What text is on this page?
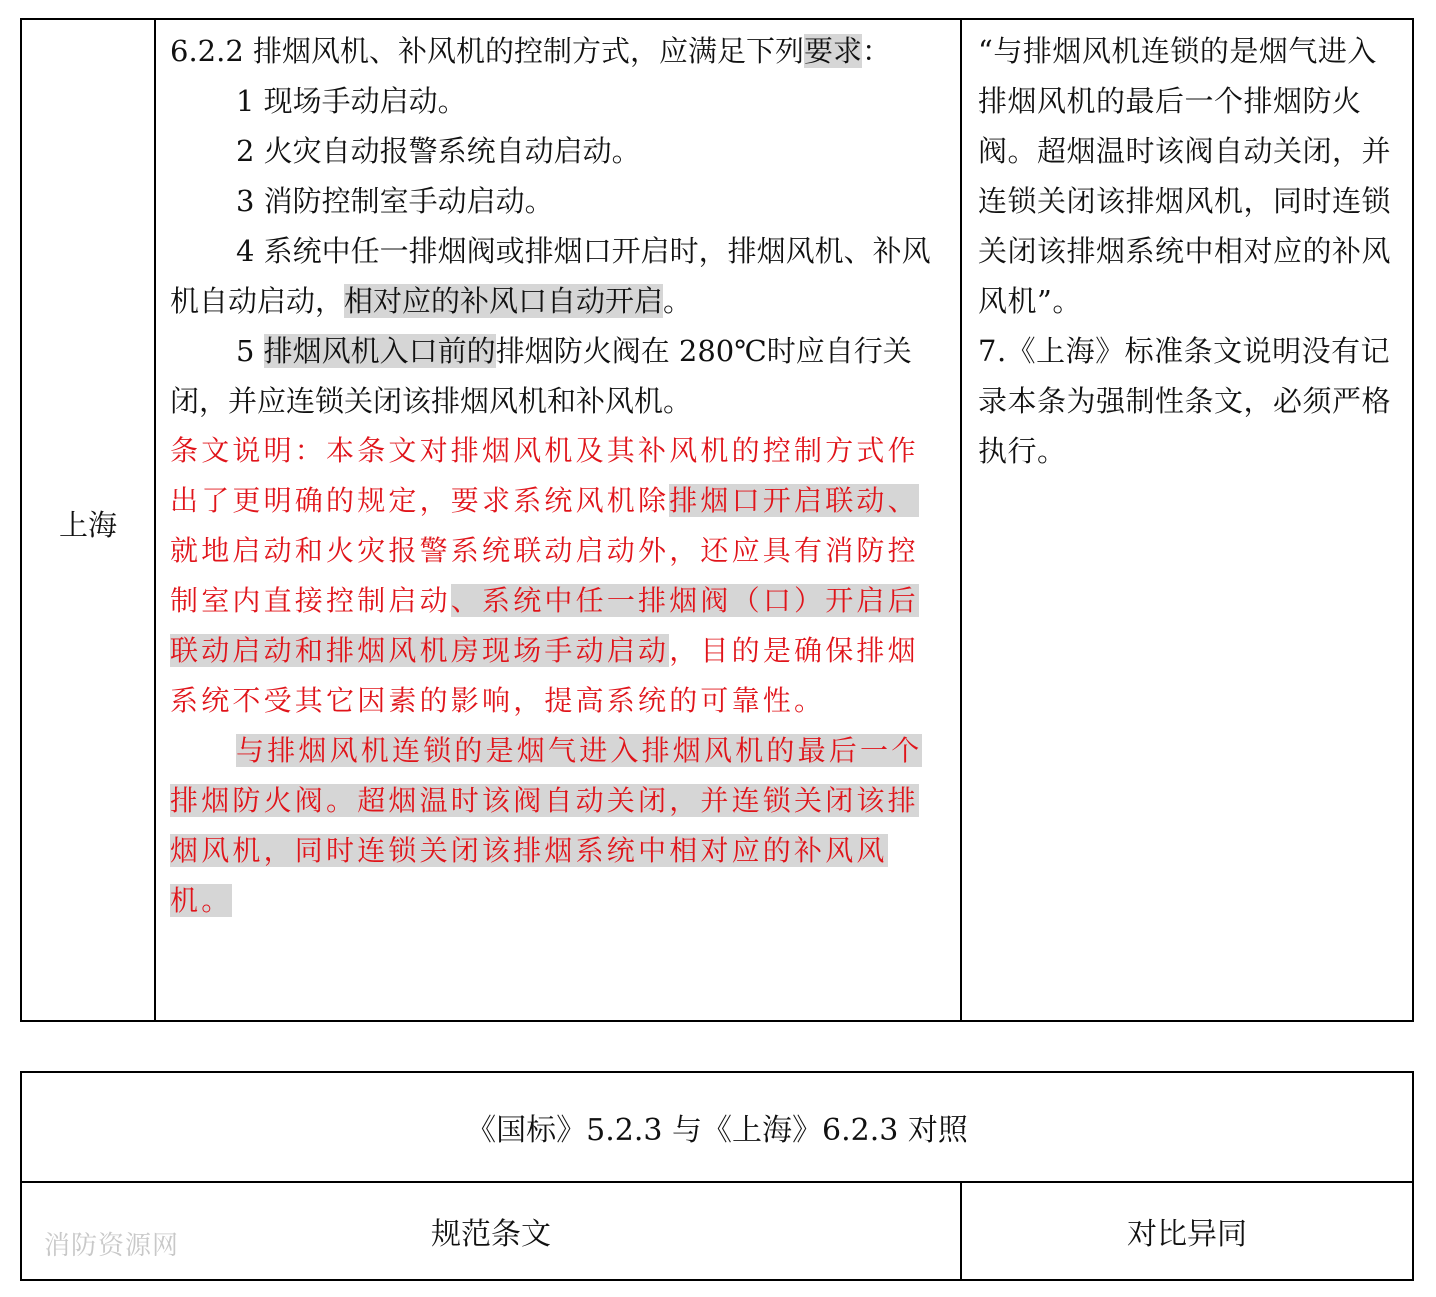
上海

6.2.2 排烟风机、补风机的控制方式，应满足下列要求：

1 现场手动启动。

2 火灾自动报警系统自动启动。

3 消防控制室手动启动。

4 系统中任一排烟阀或排烟口开启时，排烟风机、补风机自动启动，相对应的补风口自动开启。

5 排烟风机入口前的排烟防火阀在 280℃时应自行关闭，并应连锁关闭该排烟风机和补风机。

条文说明：本条文对排烟风机及其补风机的控制方式作出了更明确的规定，要求系统风机除排烟口开启联动、就地启动和火灾报警系统联动启动外，还应具有消防控制室内直接控制启动、系统中任一排烟阀（口）开启后联动启动和排烟风机房现场手动启动，目的是确保排烟系统不受其它因素的影响，提高系统的可靠性。

与排烟风机连锁的是烟气进入排烟风机的最后一个排烟防火阀。超烟温时该阀自动关闭，并连锁关闭该排烟风机，同时连锁关闭该排烟系统中相对应的补风风机。

“与排烟风机连锁的是烟气进入排烟风机的最后一个排烟防火阀。超烟温时该阀自动关闭，并连锁关闭该排烟风机，同时连锁关闭该排烟系统中相对应的补风风机”。

7.《上海》标准条文说明没有记录本条为强制性条文，必须严格执行。

《国标》5.2.3 与《上海》6.2.3 对照
规范条文	对比异同
消防资源网
